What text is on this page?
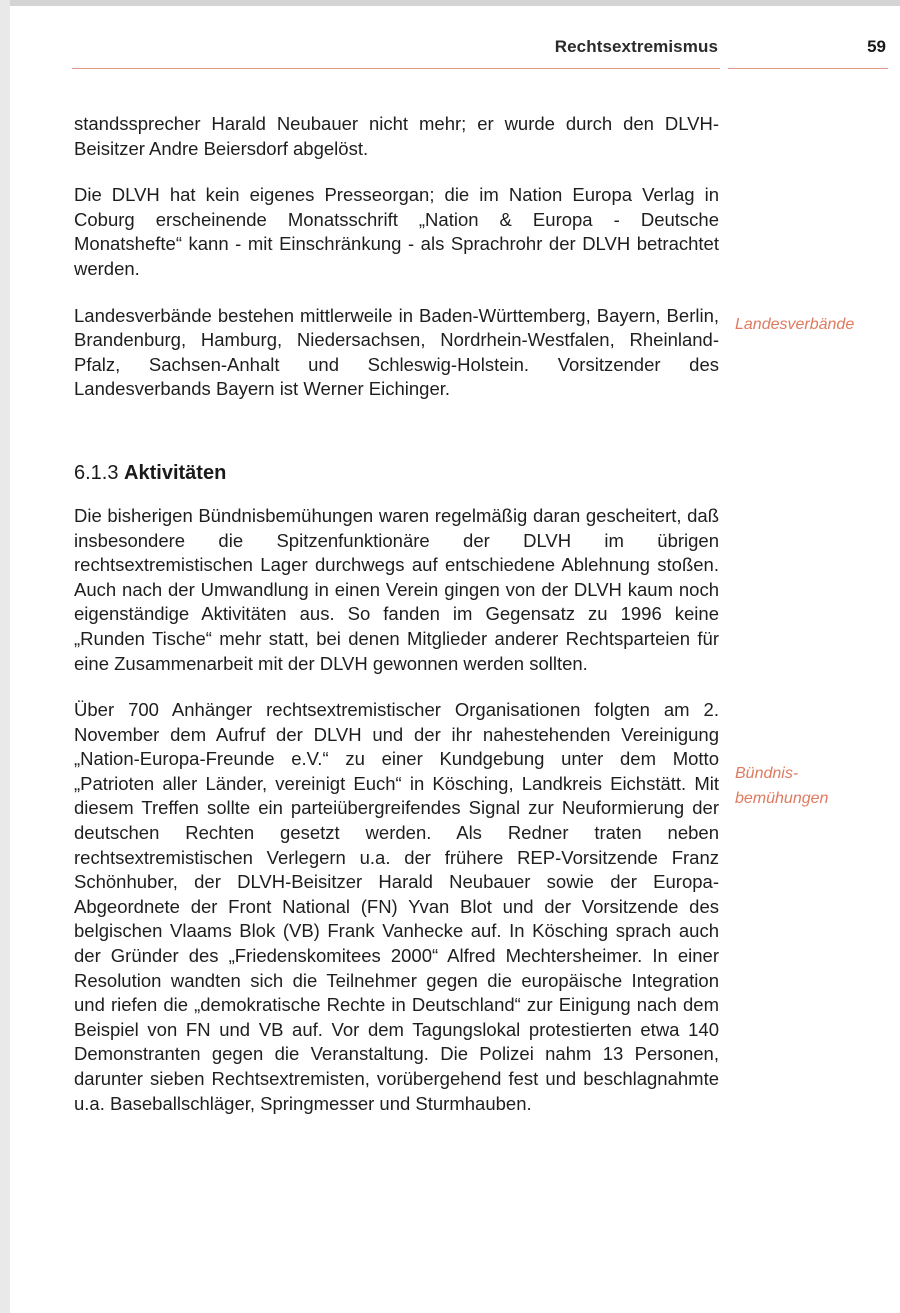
Rechtsextremismus	59

standssprecher Harald Neubauer nicht mehr; er wurde durch den DLVH-Beisitzer Andre Beiersdorf abgelöst.

Die DLVH hat kein eigenes Presseorgan; die im Nation Europa Verlag in Coburg erscheinende Monatsschrift „Nation & Europa - Deutsche Monatshefte“ kann - mit Einschränkung - als Sprachrohr der DLVH betrachtet werden.

Landesverbände bestehen mittlerweile in Baden-Württemberg, Bayern, Berlin, Brandenburg, Hamburg, Niedersachsen, Nordrhein-Westfalen, Rheinland-Pfalz, Sachsen-Anhalt und Schleswig-Holstein. Vorsitzender des Landesverbands Bayern ist Werner Eichinger.

6.1.3 Aktivitäten

Die bisherigen Bündnisbemühungen waren regelmäßig daran gescheitert, daß insbesondere die Spitzenfunktionäre der DLVH im übrigen rechtsextremistischen Lager durchwegs auf entschiedene Ablehnung stoßen. Auch nach der Umwandlung in einen Verein gingen von der DLVH kaum noch eigenständige Aktivitäten aus. So fanden im Gegensatz zu 1996 keine „Runden Tische“ mehr statt, bei denen Mitglieder anderer Rechtsparteien für eine Zusammenarbeit mit der DLVH gewonnen werden sollten.

Über 700 Anhänger rechtsextremistischer Organisationen folgten am 2. November dem Aufruf der DLVH und der ihr nahestehenden Vereinigung „Nation-Europa-Freunde e.V.“ zu einer Kundgebung unter dem Motto „Patrioten aller Länder, vereinigt Euch“ in Kösching, Landkreis Eichstätt. Mit diesem Treffen sollte ein parteiübergreifendes Signal zur Neuformierung der deutschen Rechten gesetzt werden. Als Redner traten neben rechtsextremistischen Verlegern u.a. der frühere REP-Vorsitzende Franz Schönhuber, der DLVH-Beisitzer Harald Neubauer sowie der Europa-Abgeordnete der Front National (FN) Yvan Blot und der Vorsitzende des belgischen Vlaams Blok (VB) Frank Vanhecke auf. In Kösching sprach auch der Gründer des „Friedenskomitees 2000“ Alfred Mechtersheimer. In einer Resolution wandten sich die Teilnehmer gegen die europäische Integration und riefen die „demokratische Rechte in Deutschland“ zur Einigung nach dem Beispiel von FN und VB auf. Vor dem Tagungslokal protestierten etwa 140 Demonstranten gegen die Veranstaltung. Die Polizei nahm 13 Personen, darunter sieben Rechtsextremisten, vorübergehend fest und beschlagnahmte u.a. Baseballschläger, Springmesser und Sturmhauben.

Landesverbände
Bündnis-
bemühungen
